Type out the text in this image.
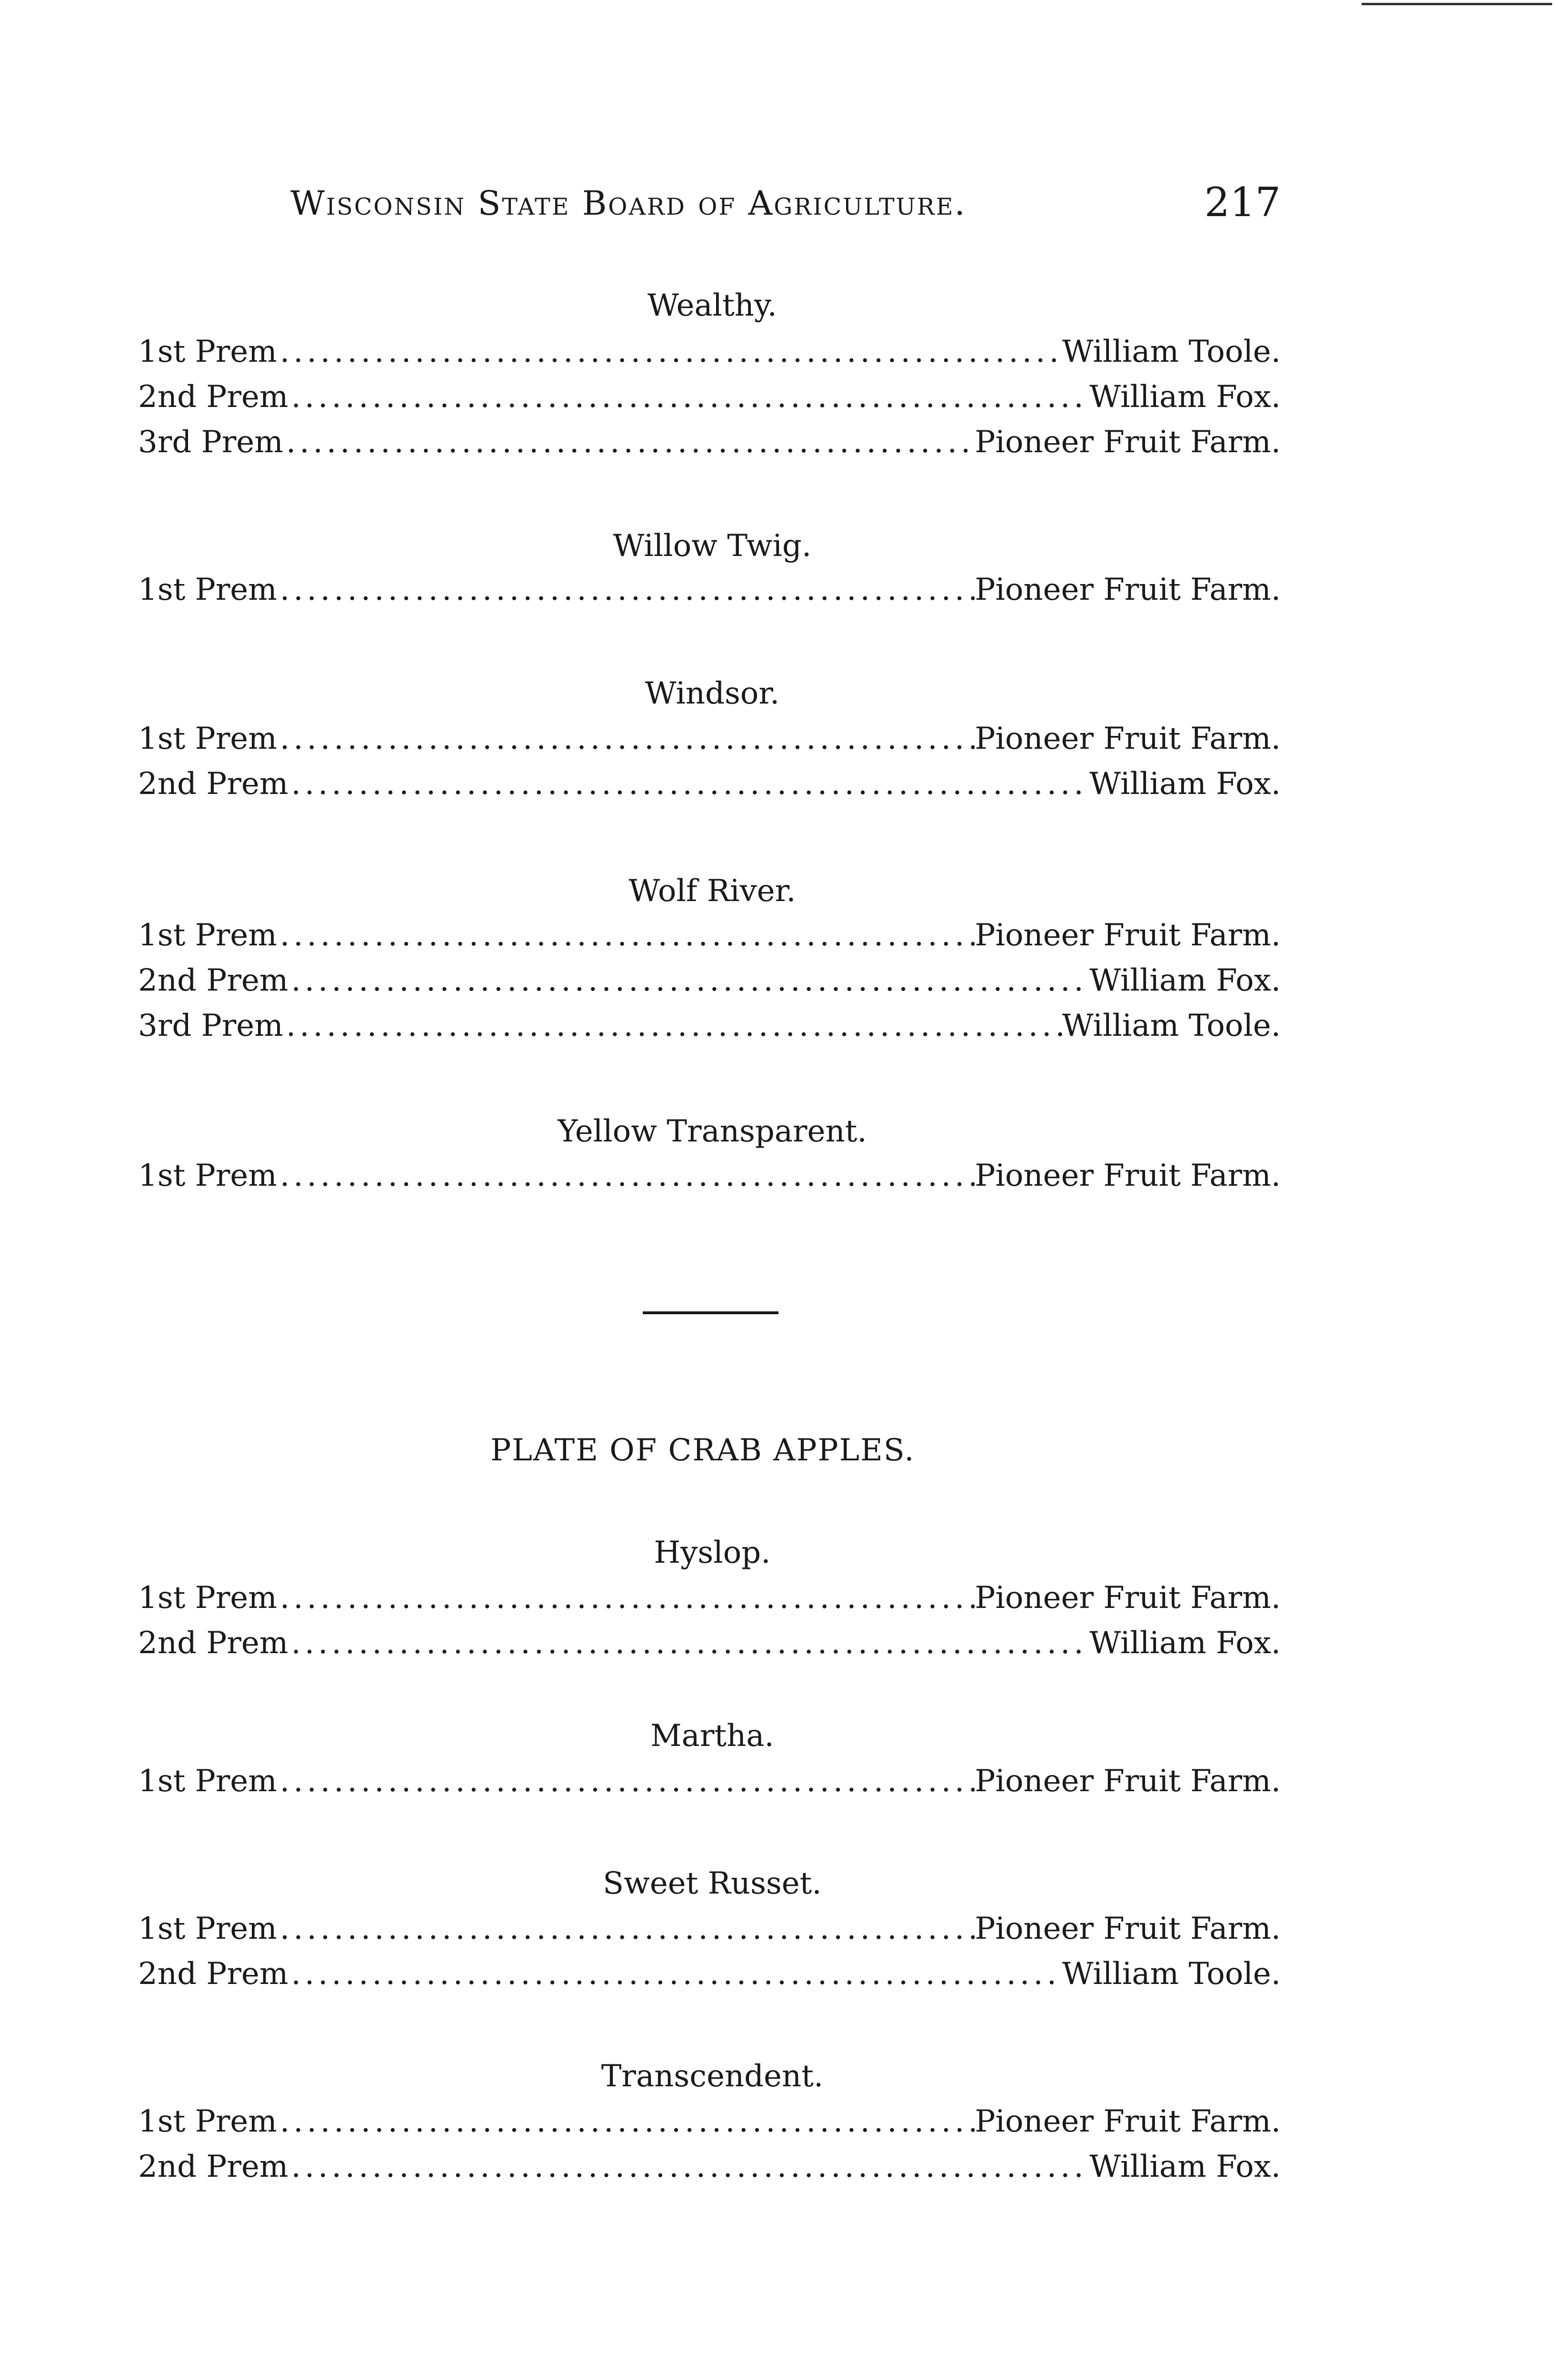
Wisconsin State Board of Agriculture.	217
Wealthy.
1st Prem .....	William Toole.
2nd Prem .....	William Fox.
3rd Prem .....	Pioneer Fruit Farm.
Willow Twig.
1st Prem .....	Pioneer Fruit Farm.
Windsor.
1st Prem .....	Pioneer Fruit Farm.
2nd Prem .....	William Fox.
Wolf River.
1st Prem .....	Pioneer Fruit Farm.
2nd Prem .....	William Fox.
3rd Prem .....	William Toole.
Yellow Transparent.
1st Prem .....	Pioneer Fruit Farm.
PLATE OF CRAB APPLES.
Hyslop.
1st Prem .....	Pioneer Fruit Farm.
2nd Prem .....	William Fox.
Martha.
1st Prem .....	Pioneer Fruit Farm.
Sweet Russet.
1st Prem .....	Pioneer Fruit Farm.
2nd Prem .....	William Toole.
Transcendent.
1st Prem .....	Pioneer Fruit Farm.
2nd Prem .....	William Fox.
